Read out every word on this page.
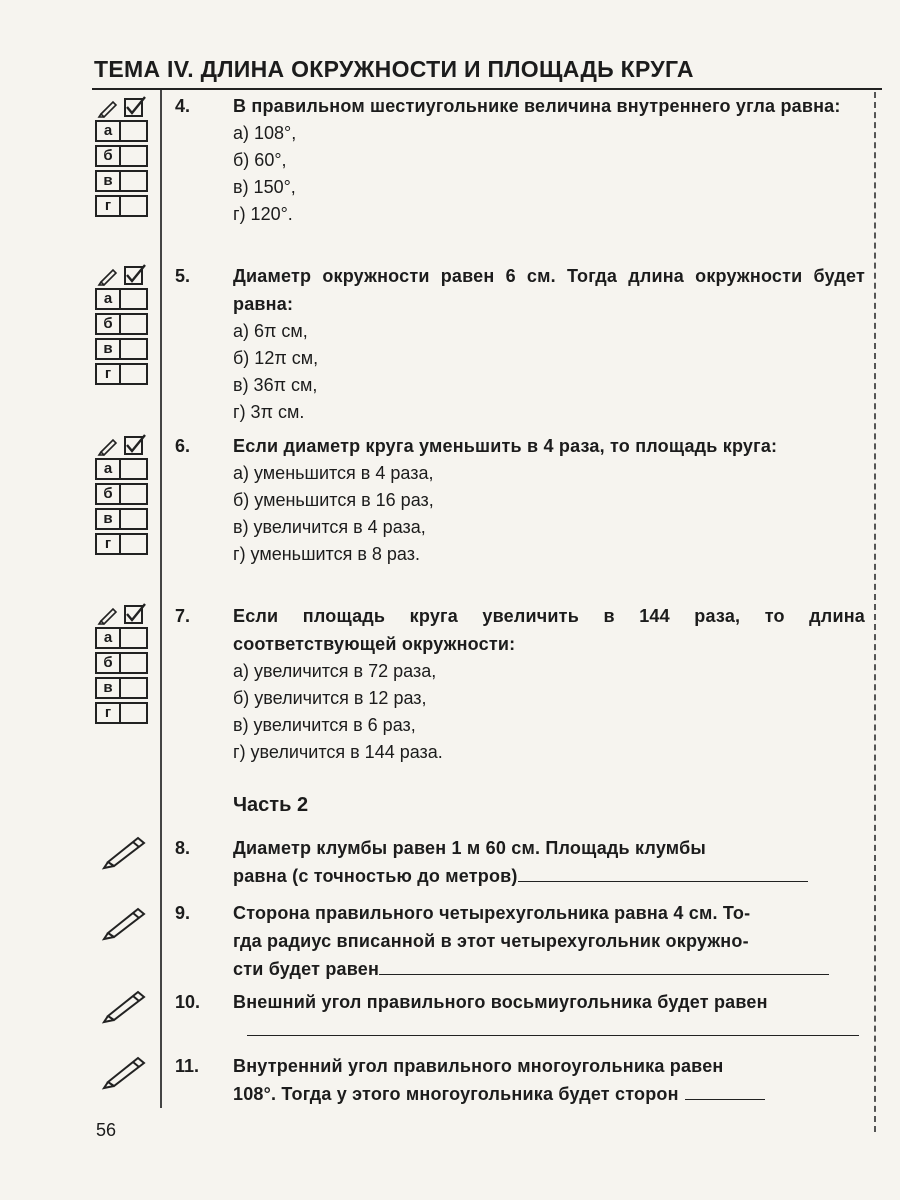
ТЕМА IV. ДЛИНА ОКРУЖНОСТИ И ПЛОЩАДЬ КРУГА
а
б
в
г
а
б
в
г
а
б
в
г
а
б
в
г
4. В правильном шестиугольнике величина внутреннего угла равна:
а) 108°,
б) 60°,
в) 150°,
г) 120°.
5. Диаметр окружности равен 6 см. Тогда длина окружности будет равна:
а) 6π см,
б) 12π см,
в) 36π см,
г) 3π см.
6. Если диаметр круга уменьшить в 4 раза, то площадь круга:
а) уменьшится в 4 раза,
б) уменьшится в 16 раз,
в) увеличится в 4 раза,
г) уменьшится в 8 раз.
7. Если площадь круга увеличить в 144 раза, то длина соответствующей окружности:
а) увеличится в 72 раза,
б) увеличится в 12 раз,
в) увеличится в 6 раз,
г) увеличится в 144 раза.
Часть 2
8. Диаметр клумбы равен 1 м 60 см. Площадь клумбы
равна (с точностью до метров)
9. Сторона правильного четырехугольника равна 4 см. То-
гда радиус вписанной в этот четырехугольник окружно-
сти будет равен
10. Внешний угол правильного восьмиугольника будет равен
11. Внутренний угол правильного многоугольника равен
108°. Тогда у этого многоугольника будет сторон
56
